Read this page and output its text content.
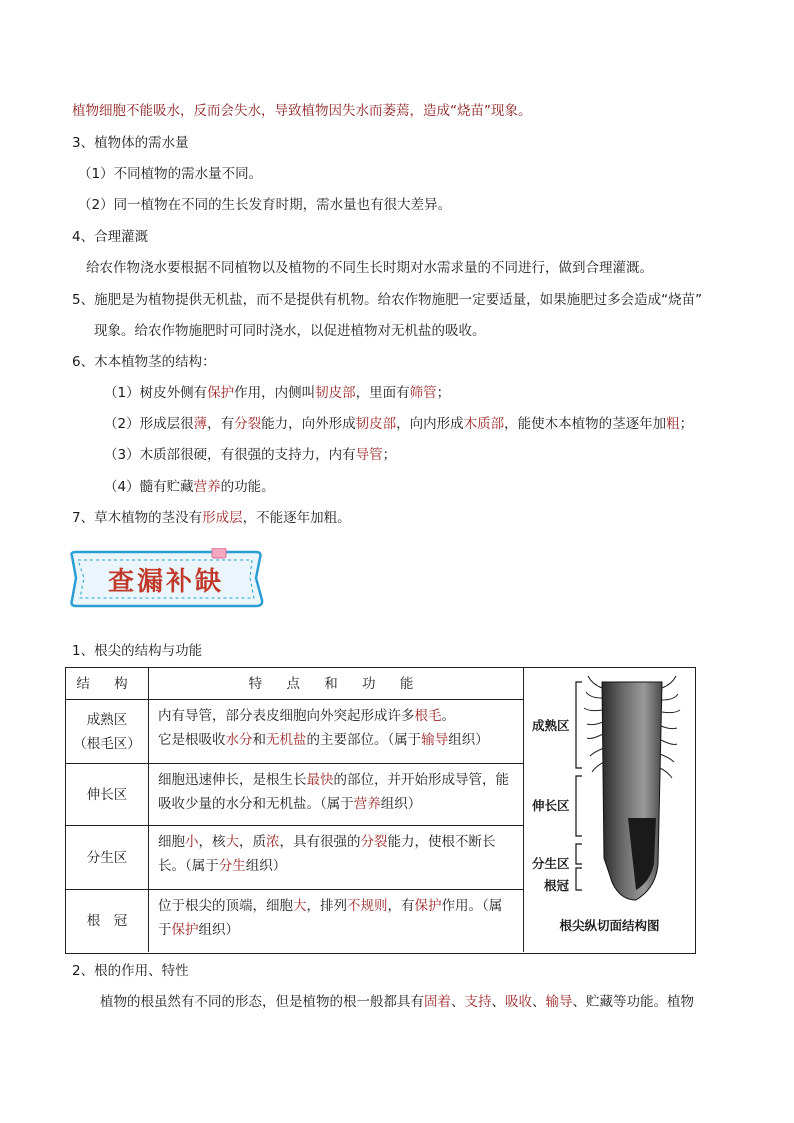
植物细胞不能吸水，反而会失水，导致植物因失水而萎蔫，造成“烧苗”现象。
3、植物体的需水量
（1）不同植物的需水量不同。
（2）同一植物在不同的生长发育时期，需水量也有很大差异。
4、合理灌溉
给农作物浇水要根据不同植物以及植物的不同生长时期对水需求量的不同进行，做到合理灌溉。
5、施肥是为植物提供无机盐，而不是提供有机物。给农作物施肥一定要适量，如果施肥过多会造成“烧苗”
现象。给农作物施肥时可同时浇水，以促进植物对无机盐的吸收。
6、木本植物茎的结构：
（1）树皮外侧有保护作用，内侧叫韧皮部，里面有筛管；
（2）形成层很薄，有分裂能力，向外形成韧皮部，向内形成木质部，能使木本植物的茎逐年加粗；
（3）木质部很硬，有很强的支持力，内有导管；
（4）髓有贮藏营养的功能。
7、草木植物的茎没有形成层，不能逐年加粗。
查漏补缺
1、根尖的结构与功能
结 构	特 点 和 功 能
成熟区
（根毛区）
内有导管，部分表皮细胞向外突起形成许多根毛。
它是根吸收水分和无机盐的主要部位。（属于输导组织）
伸长区
细胞迅速伸长，是根生长最快的部位，并开始形成导管，能吸收少量的水分和无机盐。（属于营养组织）
分生区
细胞小，核大，质浓，具有很强的分裂能力，使根不断长长。（属于分生组织）
根　冠
位于根尖的顶端，细胞大，排列不规则，有保护作用。（属于保护组织）
成熟区
伸长区
分生区
根冠
根尖纵切面结构图
2、根的作用、特性
植物的根虽然有不同的形态，但是植物的根一般都具有固着、支持、吸收、输导、贮藏等功能。植物
